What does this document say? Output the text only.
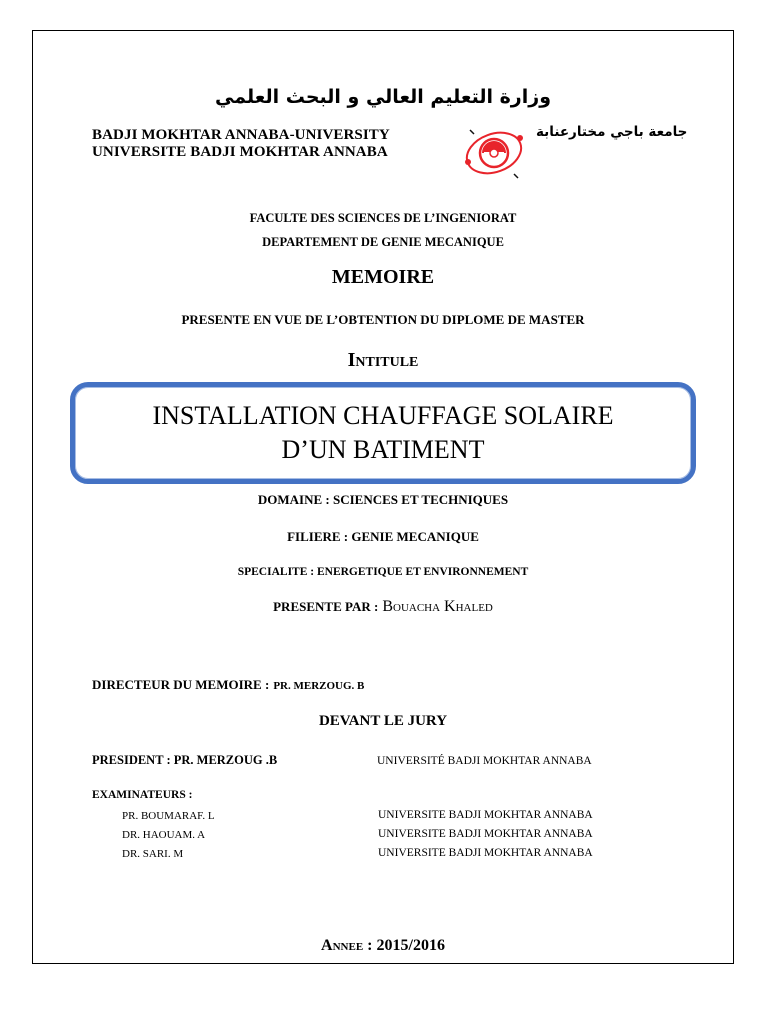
وزارة التعليم العالي و البحث العلمي
BADJI MOKHTAR ANNABA-UNIVERSITY
UNIVERSITE BADJI MOKHTAR ANNABA
جامعة باجي مختارعنابة
FACULTE DES SCIENCES DE L’INGENIORAT
DEPARTEMENT DE GENIE MECANIQUE
MEMOIRE
PRESENTE EN VUE DE L’OBTENTION DU DIPLOME DE MASTER
Intitule
INSTALLATION CHAUFFAGE SOLAIRE
D’UN BATIMENT
DOMAINE : SCIENCES ET TECHNIQUES
FILIERE : GENIE MECANIQUE
SPECIALITE : ENERGETIQUE ET ENVIRONNEMENT
PRESENTE PAR : Bouacha Khaled
DIRECTEUR DU MEMOIRE : PR. MERZOUG. B
DEVANT LE JURY
PRESIDENT : PR. MERZOUG .B	UNIVERSITÉ BADJI MOKHTAR ANNABA
EXAMINATEURS :
PR. BOUMARAF. L	UNIVERSITE BADJI MOKHTAR ANNABA
DR. HAOUAM. A	UNIVERSITE BADJI MOKHTAR ANNABA
DR. SARI. M	UNIVERSITE BADJI MOKHTAR ANNABA
Annee : 2015/2016
